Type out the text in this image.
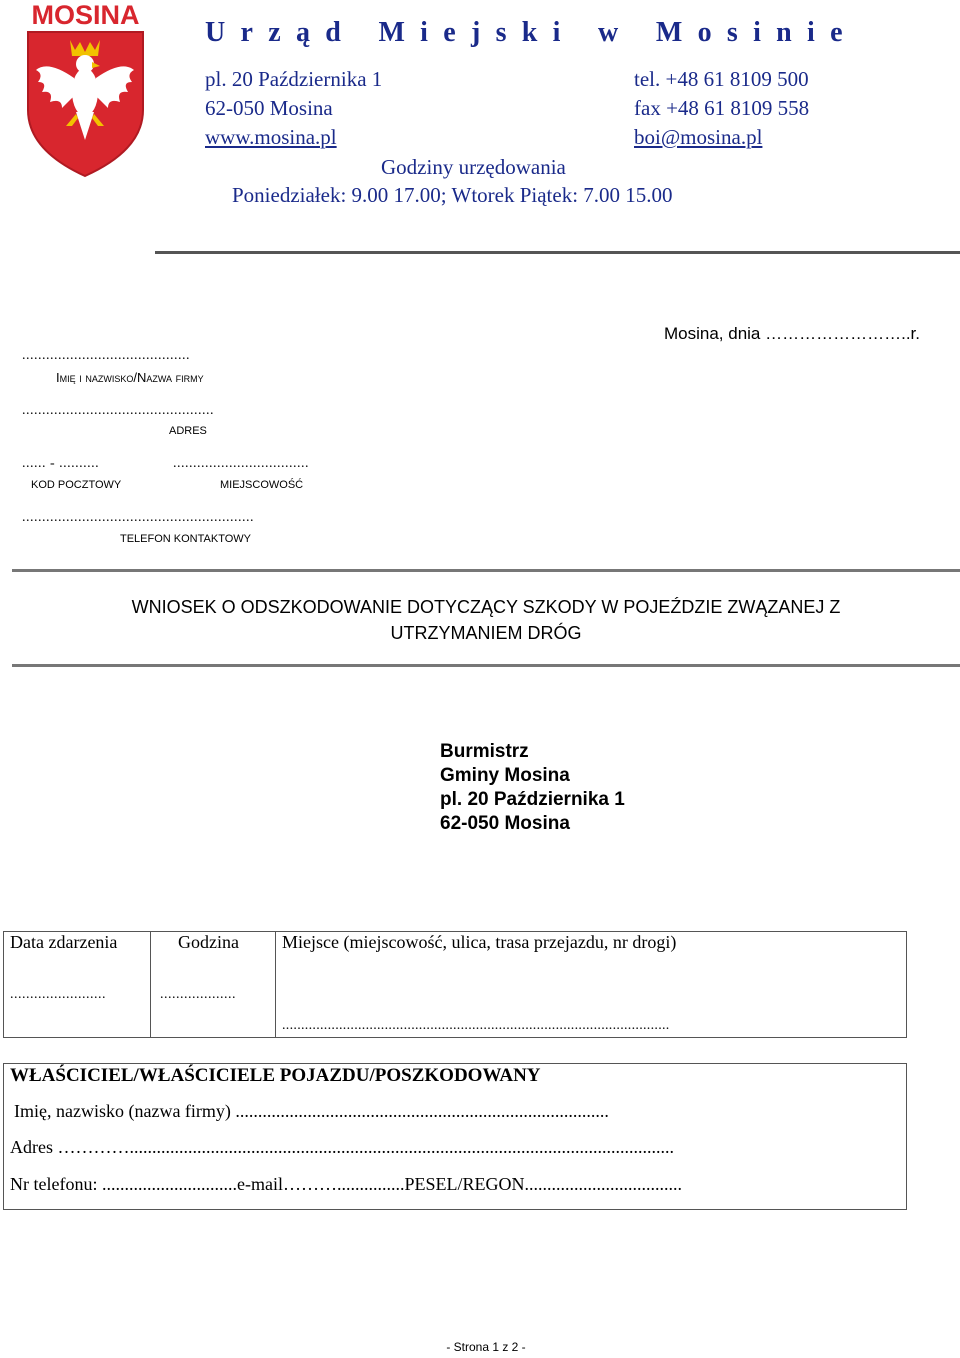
MOSINA
Urząd Miejski w Mosinie
pl. 20 Października 1
62-050 Mosina
www.mosina.pl
tel. +48 61 8109 500
fax +48 61 8109 558
boi@mosina.pl
Godziny urzędowania
Poniedziałek: 9.00 17.00; Wtorek Piątek: 7.00 15.00
Mosina, dnia ……………………..r.
..........................................
Imię i nazwisko/Nazwa firmy
................................................
ADRES
...... - ..........	..................................
KOD POCZTOWY	MIEJSCOWOŚĆ
..........................................................
TELEFON KONTAKTOWY
WNIOSEK O ODSZKODOWANIE DOTYCZĄCY SZKODY W POJEŹDZIE ZWĄZANEJ Z
UTRZYMANIEM DRÓG
Burmistrz
Gminy Mosina
pl. 20 Października 1
62-050 Mosina
Data zdarzenia	Godzina Miejsce (miejscowość, ulica, trasa przejazdu, nr drogi)
........................	...................
......................................................................................................
WŁAŚCICIEL/WŁAŚCICIELE POJAZDU/POSZKODOWANY
Imię, nazwisko (nazwa firmy) ...................................................................................
Adres ………….........................................................................................................................
Nr telefonu: ..............................e-mail………...............PESEL/REGON...................................
- Strona 1 z 2 -
